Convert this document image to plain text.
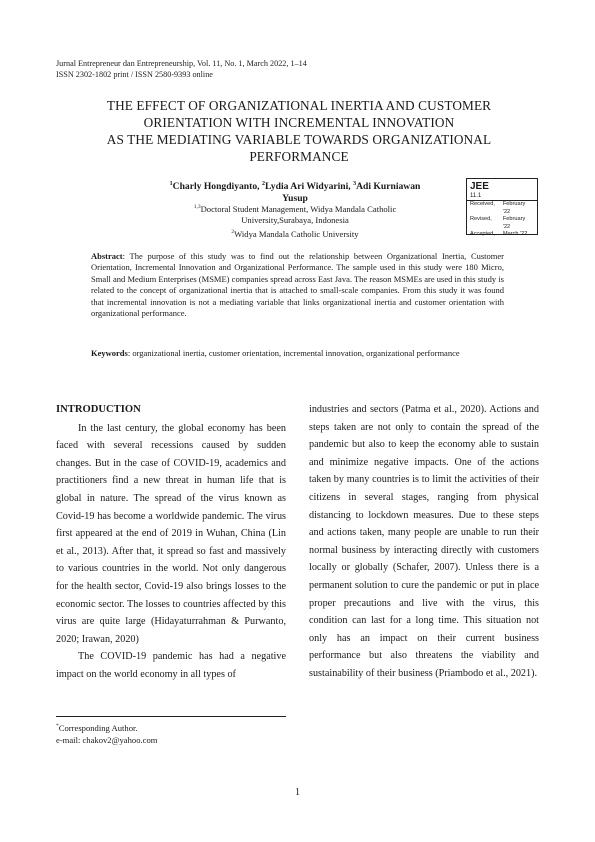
Jurnal Entrepreneur dan Entrepreneurship, Vol. 11, No. 1, March 2022, 1–14
ISSN 2302-1802 print / ISSN 2580-9393 online
THE EFFECT OF ORGANIZATIONAL INERTIA AND CUSTOMER
ORIENTATION WITH INCREMENTAL INNOVATION
AS THE MEDIATING VARIABLE TOWARDS ORGANIZATIONAL
PERFORMANCE
$^1$Charly Hongdiyanto, $^2$Lydia Ari Widyarini, $^3$Adi Kurniawan
Yusup
$^{1,3}$Doctoral Student Management, Widya Mandala Catholic
University,Surabaya, Indonesia
$^2$Widya Mandala Catholic University
JEE
11.1
Received,	February '22
Revised,	February '22
Accepted,	March '22
Abstract: The purpose of this study was to find out the relationship between Organizational Inertia, Customer Orientation, Incremental Innovation and Organizational Performance. The sample used in this study were 180 Micro, Small and Medium Enterprises (MSME) companies spread across East Java. The reason MSMEs are used in this study is related to the concept of organizational inertia that is attached to small-scale companies. From this study it was found that incremental innovation is not a mediating variable that links organizational inertia and customer orientation with organizational performance.
Keywords: organizational inertia, customer orientation, incremental innovation, organizational performance
INTRODUCTION

In the last century, the global economy has been faced with several recessions caused by sudden changes. But in the case of COVID-19, academics and practitioners find a new threat in human life that is global in nature. The spread of the virus known as Covid-19 has become a worldwide pandemic. The virus first appeared at the end of 2019 in Wuhan, China (Lin et al., 2013). After that, it spread so fast and massively to various countries in the world. Not only dangerous for the health sector, Covid-19 also brings losses to the economic sector. The losses to countries affected by this virus are quite large (Hidayaturrahman & Purwanto, 2020; Irawan, 2020)

The COVID-19 pandemic has had a negative impact on the world economy in all types of

industries and sectors (Patma et al., 2020). Actions and steps taken are not only to contain the spread of the pandemic but also to keep the economy able to sustain and minimize negative impacts. One of the actions taken by many countries is to limit the activities of their citizens in several stages, ranging from physical distancing to lockdown measures. Due to these steps and actions taken, many people are unable to run their normal business by interacting directly with customers locally or globally (Schafer, 2007). Unless there is a permanent solution to cure the pandemic or put in place proper precautions and live with the virus, this condition can last for a long time. This situation not only has an impact on their current business performance but also threatens the viability and sustainability of their business (Priambodo et al., 2021).

*Corresponding Author.
e-mail: chakov2@yahoo.com
1
